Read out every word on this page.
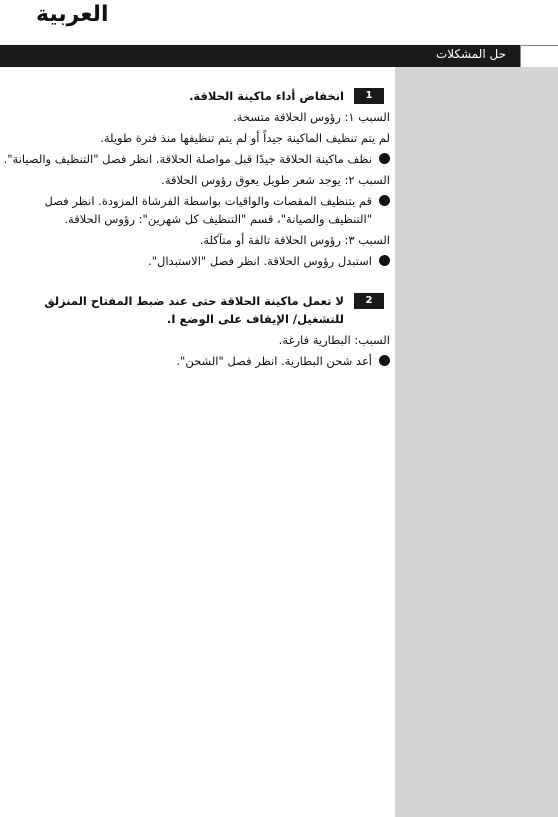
العربية
حل المشكلات
1
انخفاض أداء ماكينة الحلاقة.

السبب ١: رؤوس الحلاقة متسخة.

لم يتم تنظيف الماكينة جيداً أو لم يتم تنظيفها منذ فترة طويلة.

نظف ماكينة الحلاقة جيدًا قبل مواصلة الحلاقة. انظر فصل "التنظيف والصيانة".

السبب ٢: يوجد شعر طويل يعوق رؤوس الحلاقة.

قم بتنظيف المقصات والواقيات بواسطة الفرشاة المزودة. انظر فصل "التنظيف والصيانة"، قسم "التنظيف كل شهرين": رؤوس الحلاقة.

السبب ٣: رؤوس الحلاقة تالفة أو متآكلة.

استبدل رؤوس الحلاقة. انظر فصل "الاستبدال".
2
لا تعمل ماكينة الحلاقة حتى عند ضبط المفتاح المنزلق للتشغيل/ الإيقاف على الوضع I.

السبب: البطارية فارغة.

أعد شحن البطارية. انظر فصل "الشحن".
